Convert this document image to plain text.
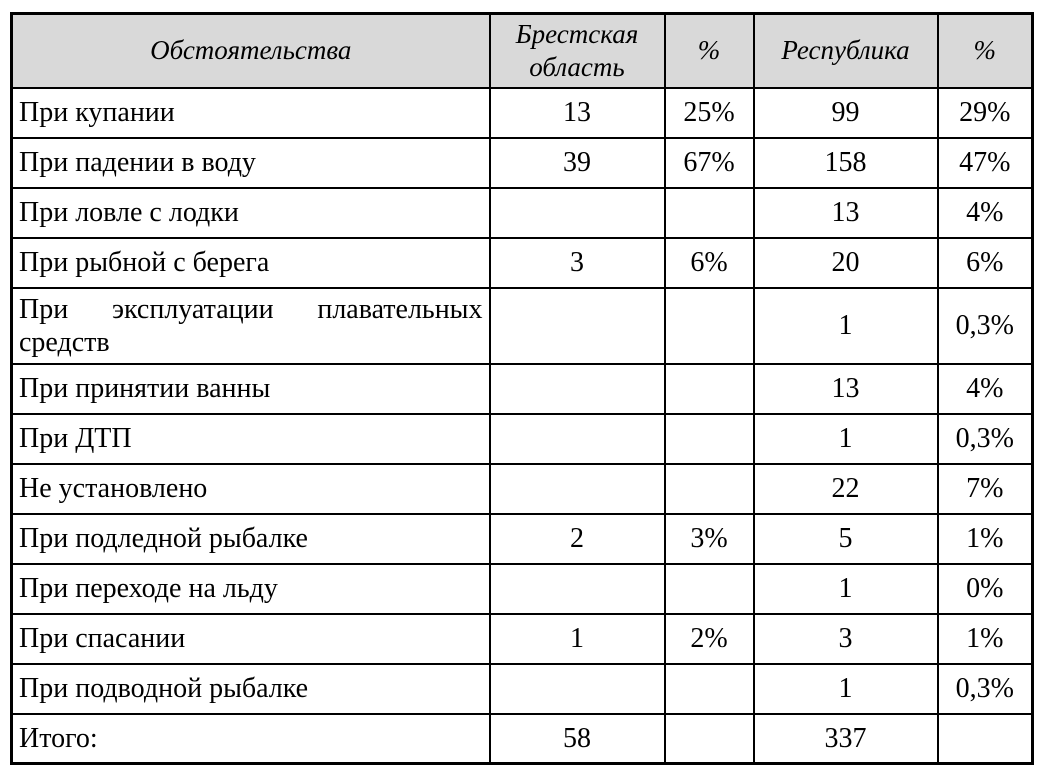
Обстоятельства	Брестская область	%	Республика	%
При купании	13	25%	99	29%
При падении в воду	39	67%	158	47%
При ловле с лодки			13	4%
При рыбной с берега	3	6%	20	6%
При эксплуатации плавательных средств			1	0,3%
При принятии ванны			13	4%
При ДТП			1	0,3%
Не установлено			22	7%
При подледной рыбалке	2	3%	5	1%
При переходе на льду			1	0%
При спасании	1	2%	3	1%
При подводной рыбалке			1	0,3%
Итого:	58		337	
